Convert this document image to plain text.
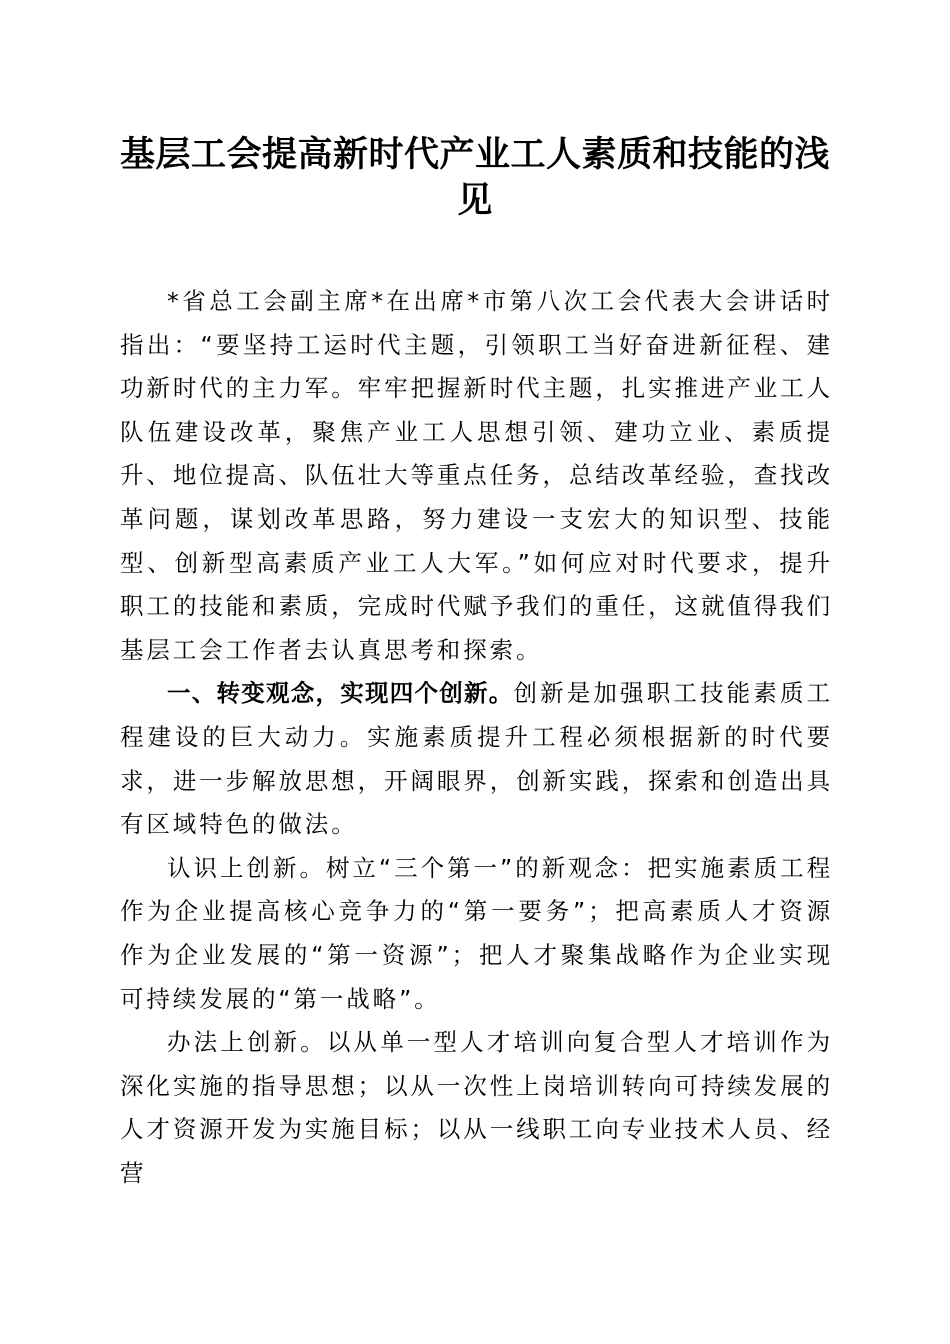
基层工会提高新时代产业工人素质和技能的浅见

*省总工会副主席*在出席*市第八次工会代表大会讲话时指出：“要坚持工运时代主题，引领职工当好奋进新征程、建功新时代的主力军。牢牢把握新时代主题，扎实推进产业工人队伍建设改革，聚焦产业工人思想引领、建功立业、素质提升、地位提高、队伍壮大等重点任务，总结改革经验，查找改革问题，谋划改革思路，努力建设一支宏大的知识型、技能型、创新型高素质产业工人大军。”如何应对时代要求，提升职工的技能和素质，完成时代赋予我们的重任，这就值得我们基层工会工作者去认真思考和探索。

一、转变观念，实现四个创新。创新是加强职工技能素质工程建设的巨大动力。实施素质提升工程必须根据新的时代要求，进一步解放思想，开阔眼界，创新实践，探索和创造出具有区域特色的做法。

认识上创新。树立“三个第一”的新观念：把实施素质工程作为企业提高核心竞争力的“第一要务”；把高素质人才资源作为企业发展的“第一资源”；把人才聚集战略作为企业实现可持续发展的“第一战略”。

办法上创新。以从单一型人才培训向复合型人才培训作为深化实施的指导思想；以从一次性上岗培训转向可持续发展的人才资源开发为实施目标；以从一线职工向专业技术人员、经营
